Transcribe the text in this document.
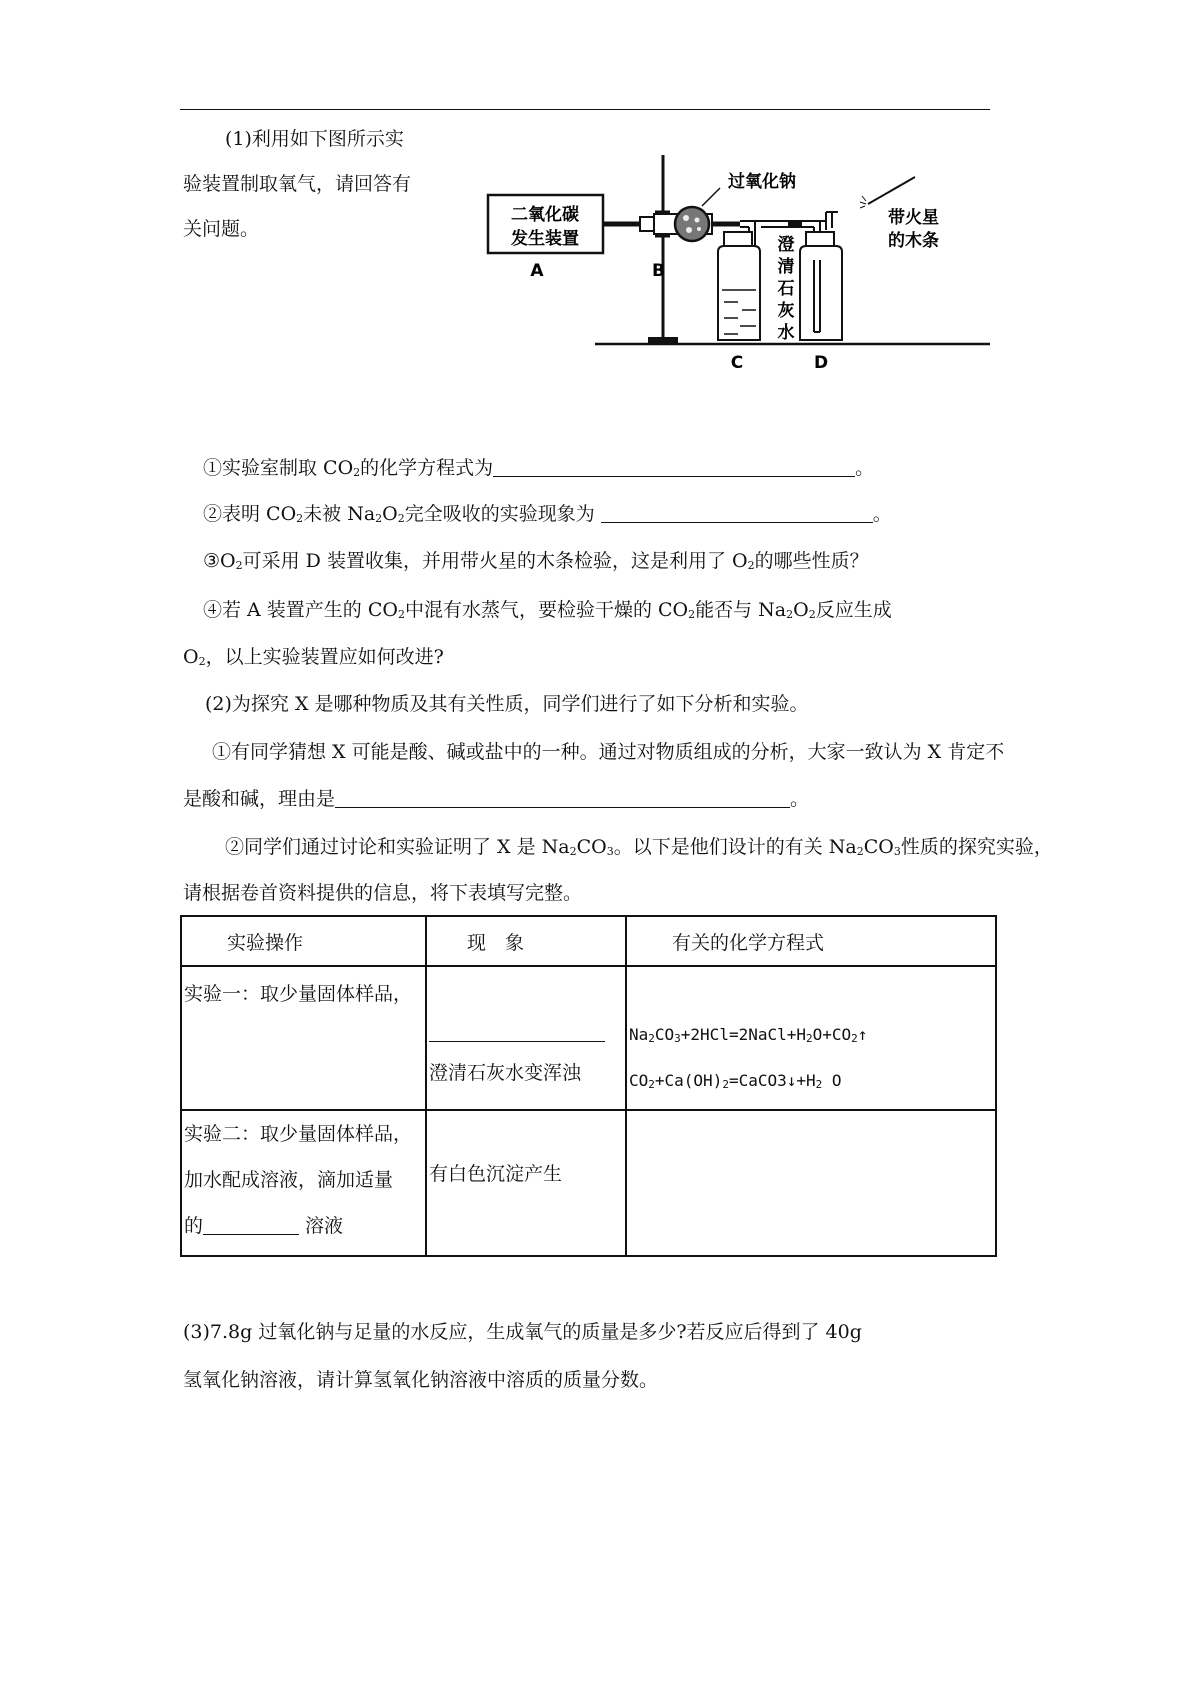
(1)利用如下图所示实
验装置制取氧气，请回答有
关问题。
二氧化碳
发生装置
A
过氧化钠
B
C
澄
清
石
灰
水
D
带火星
的木条
①实验室制取 $CO_2$的化学方程式为	。
②表明 $CO_2$未被 $Na_2O_2$完全吸收的实验现象为	。
$③O_2$可采用 D 装置收集，并用带火星的木条检验，这是利用了 $O_2$的哪些性质？
④若 A 装置产生的 $CO_2$中混有水蒸气，要检验干燥的 $CO_2$能否与 $Na_2O_2$反应生成
$O_2$，以上实验装置应如何改进?
(2)为探究 X 是哪种物质及其有关性质，同学们进行了如下分析和实验。
①有同学猜想 X 可能是酸、碱或盐中的一种。通过对物质组成的分析，大家一致认为 X 肯定不
是酸和碱，理由是	。
②同学们通过讨论和实验证明了 X 是 $Na_2CO_3$。以下是他们设计的有关 $Na_2CO_3$性质的探究实验，
请根据卷首资料提供的信息，将下表填写完整。
实验操作	现　象	有关的化学方程式

实验一：取少量固体样品，	澄清石灰水变浑浊	$Na_2CO_3+2HCl=2NaCl+H_2O+CO_2↑$
$CO_2+Ca(OH)_2=CaCO3↓+H_2$ O

实验二：取少量固体样品，
加水配成溶液，滴加适量
的 溶液	有白色沉淀产生	

(3)7.8g 过氧化钠与足量的水反应，生成氧气的质量是多少?若反应后得到了 40g
氢氧化钠溶液，请计算氢氧化钠溶液中溶质的质量分数。
